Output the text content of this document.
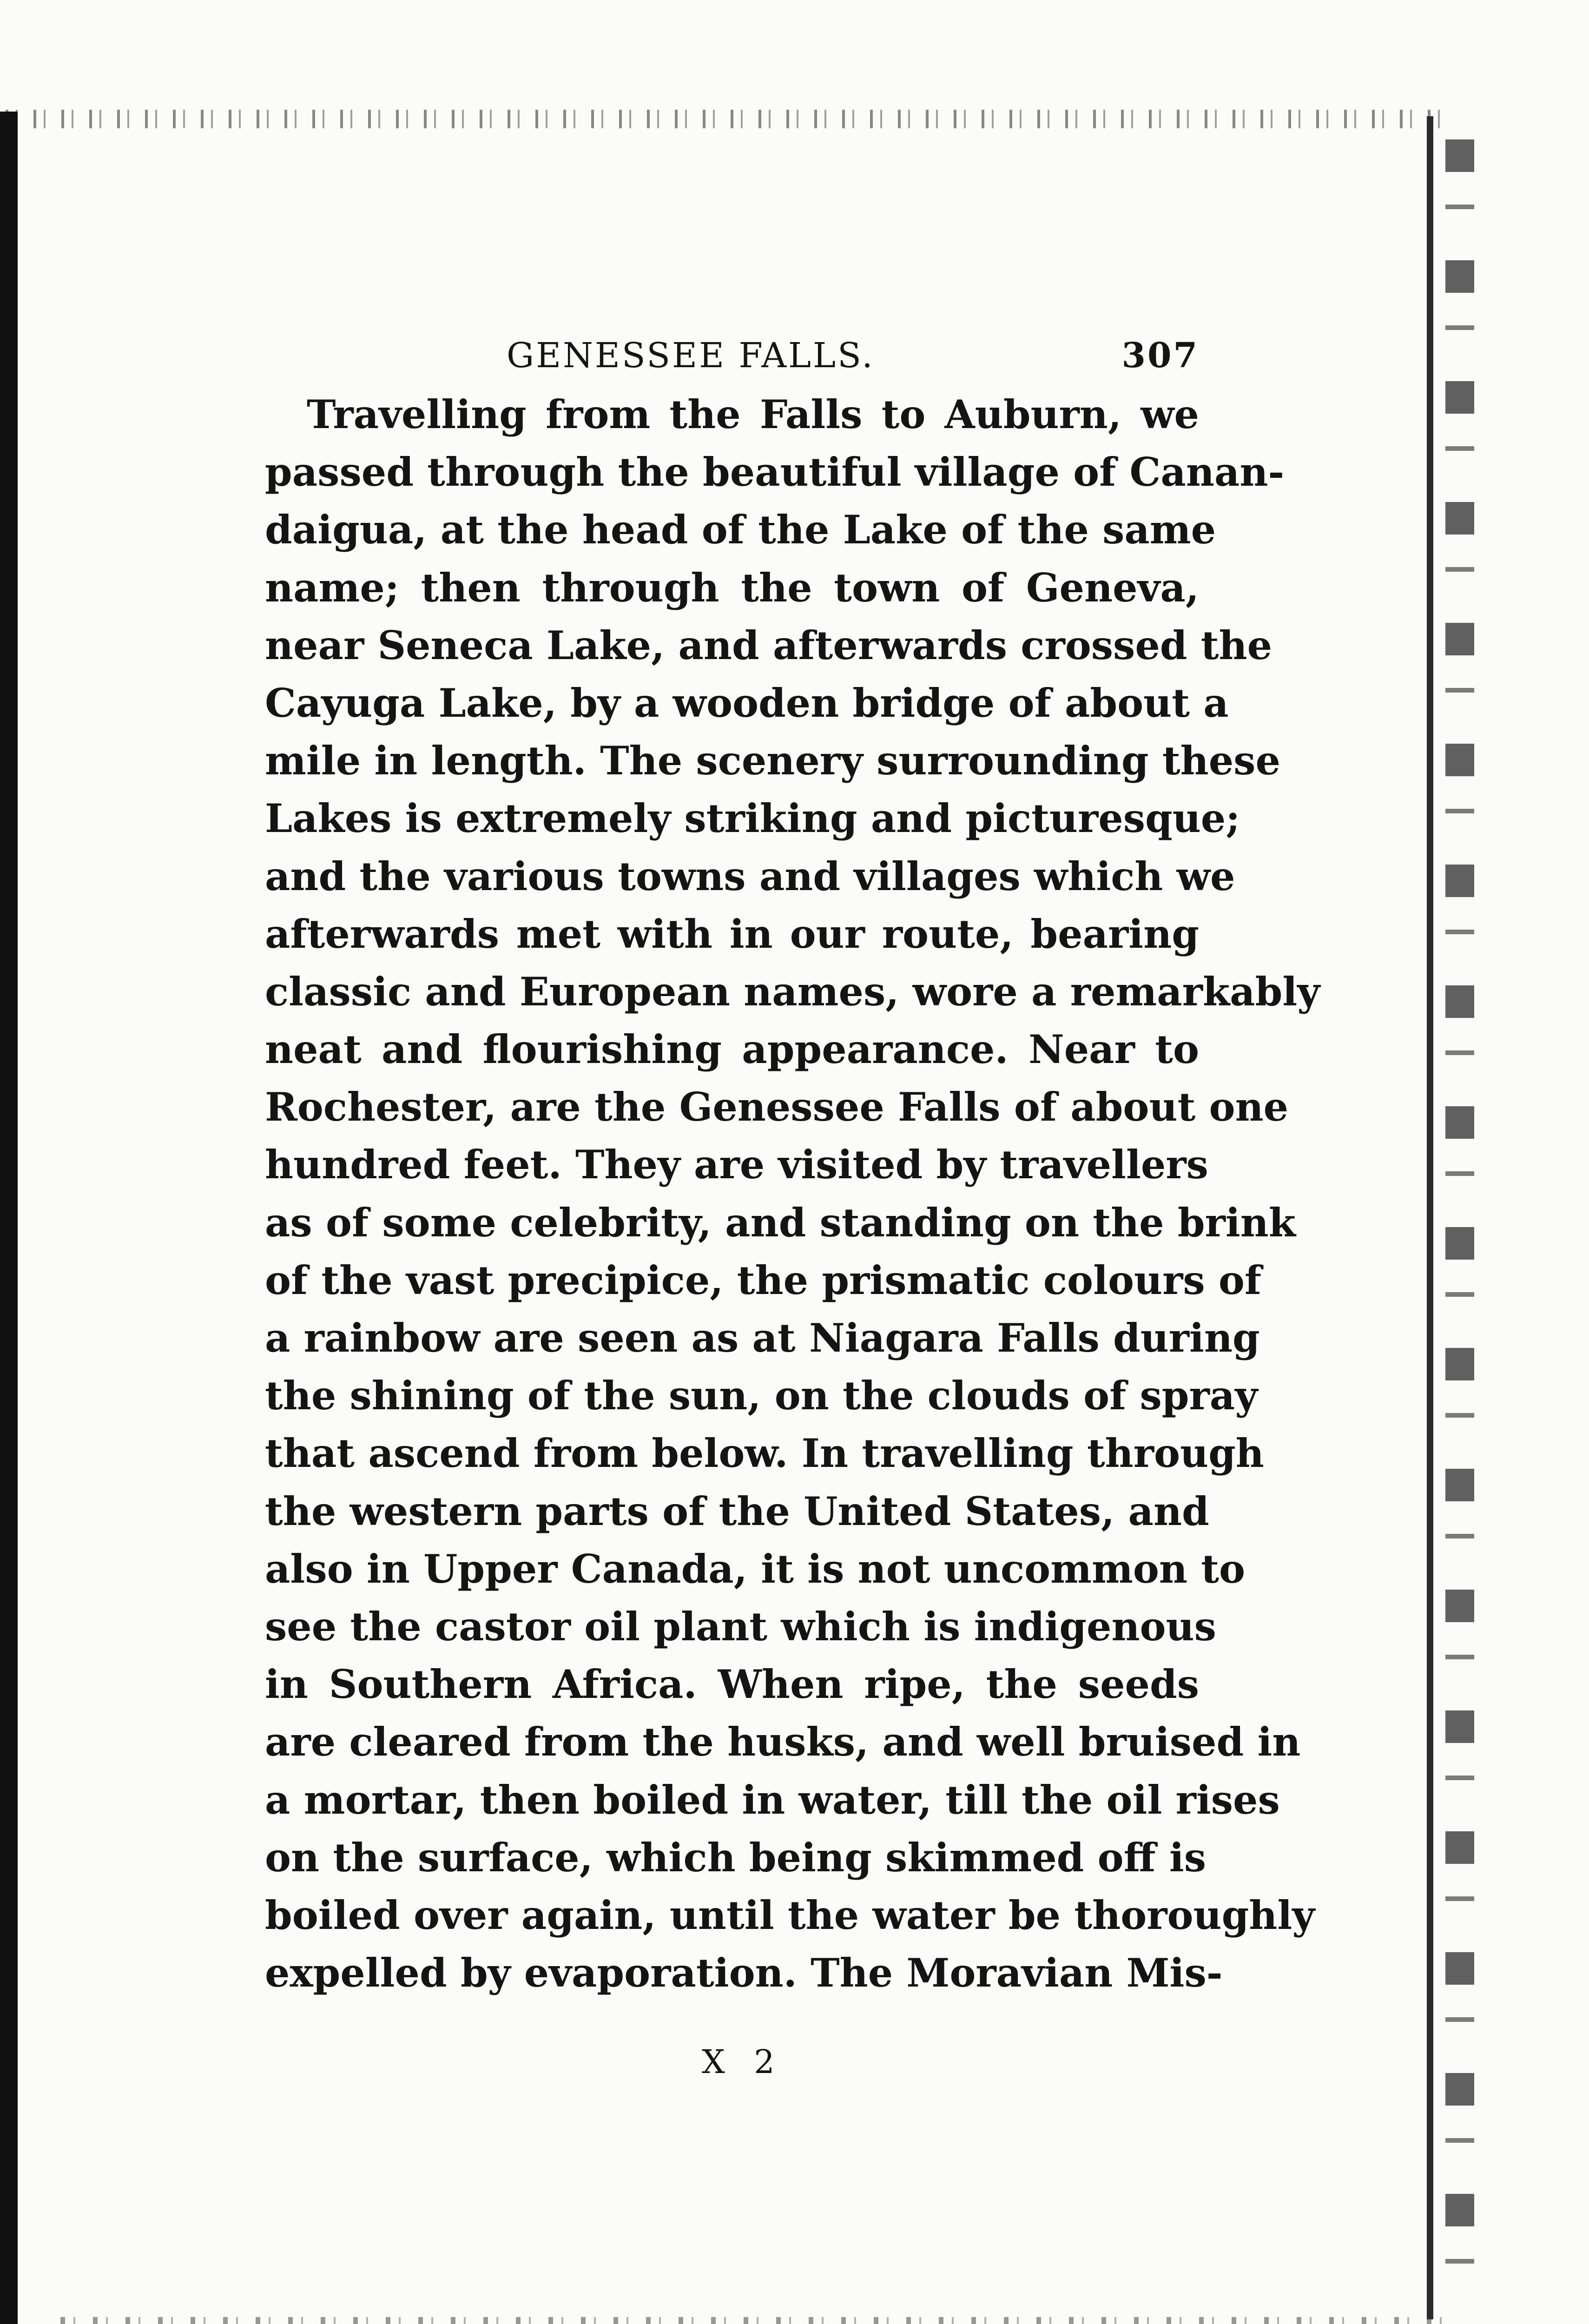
GENESSEE FALLS.	307

Travelling from the Falls to Auburn, we
passed through the beautiful village of Canan-
daigua, at the head of the Lake of the same
name; then through the town of Geneva,
near Seneca Lake, and afterwards crossed the
Cayuga Lake, by a wooden bridge of about a
mile in length. The scenery surrounding these
Lakes is extremely striking and picturesque;
and the various towns and villages which we
afterwards met with in our route, bearing
classic and European names, wore a remarkably
neat and flourishing appearance. Near to
Rochester, are the Genessee Falls of about one
hundred feet. They are visited by travellers
as of some celebrity, and standing on the brink
of the vast precipice, the prismatic colours of
a rainbow are seen as at Niagara Falls during
the shining of the sun, on the clouds of spray
that ascend from below. In travelling through
the western parts of the United States, and
also in Upper Canada, it is not uncommon to
see the castor oil plant which is indigenous
in Southern Africa. When ripe, the seeds
are cleared from the husks, and well bruised in
a mortar, then boiled in water, till the oil rises
on the surface, which being skimmed off is
boiled over again, until the water be thoroughly
expelled by evaporation. The Moravian Mis-

X 2
